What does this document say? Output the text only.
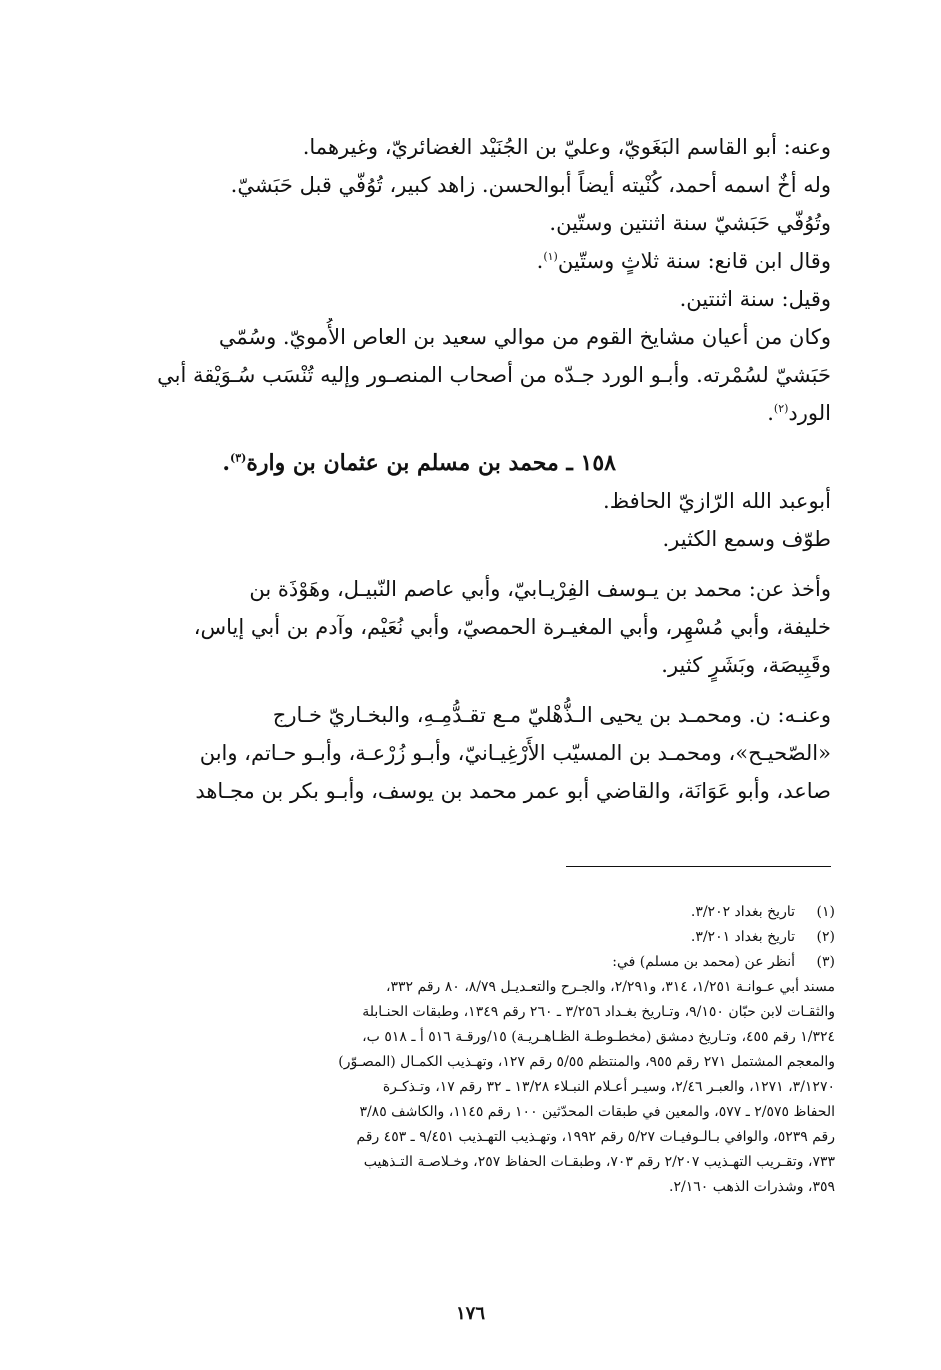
وعنه: أبو القاسم البَغَويّ، وعليّ بن الجُنَيْد الغضائريّ، وغيرهما.
وله أخٌ اسمه أحمد، كُنْيته أيضاً أبوالحسن. زاهد كبير، تُوُفّي قبل حَبَشيّ.
وتُوُفّي حَبَشيّ سنة اثنتين وستّين.
وقال ابن قانع: سنة ثلاثٍ وستّين$^{(١)}$.
وقيل: سنة اثنتين.
وكان من أعيان مشايخ القوم من موالي سعيد بن العاص الأُمويّ. وسُمّي
حَبَشيّ لسُمْرته. وأبـو الورد جـدّه من أصحاب المنصـور وإليه تُنْسَب سُـوَيْقة أبي
الورد$^{(٢)}$.
١٥٨ ـ محمد بن مسلم بن عثمان بن وارة$^{(٣)}$.
أبوعبد الله الرّازيّ الحافظ.
طوّف وسمع الكثير.
وأخذ عن: محمد بن يـوسف الفِرْيـابيّ، وأبي عاصم النّبيـل، وهَوْذَة بن
خليفة، وأبي مُسْهِر، وأبي المغيـرة الحمصيّ، وأبي نُعَيْم، وآدم بن أبي إياس،
وقَبِيصَة، وبَشَرٍ كثير.
وعنـه: ن. ومحمـد بن يحيى الـذُّهْليّ مـع تقـدُّمِـهِ، والبخـاريّ خـارج
«الصّحيـح»، ومحمـد بن المسيّب الأَرْغِيـانيّ، وأبـو زُرْعـة، وأبـو حـاتم، وابن
صاعد، وأبو عَوَانَة، والقاضي أبو عمر محمد بن يوسف، وأبـو بكر بن مجـاهد
(١)
تاريخ بغداد ٣/٢٠٢.
(٢)
تاريخ بغداد ٣/٢٠١.
(٣)
أنظر عن (محمد بن مسلم) في:
مسند أبي عـوانـة ١/٢٥١، ٣١٤، و٢/٢٩١، والجـرح والتعـديـل ٨/٧٩، ٨٠ رقم ٣٣٢،
والثقـات لابن حبّان ٩/١٥٠، وتـاريخ بغـداد ٣/٢٥٦ ـ ٢٦٠ رقم ١٣٤٩، وطبقات الحنـابلة
١/٣٢٤ رقم ٤٥٥، وتـاريخ دمشق (مخطـوطـة الظـاهـريـة) ١٥/ورقـة ٥١٦ أ ـ ٥١٨ ب،
والمعجم المشتمل ٢٧١ رقم ٩٥٥، والمنتظم ٥/٥٥ رقم ١٢٧، وتهـذيب الكمـال (المصـوّر)
٣/١٢٧٠، ١٢٧١، والعبـر ٢/٤٦، وسيـر أعـلام النبـلاء ١٣/٢٨ ـ ٣٢ رقم ١٧، وتـذكـرة
الحفاظ ٢/٥٧٥ ـ ٥٧٧، والمعين في طبقات المحدّثين ١٠٠ رقم ١١٤٥، والكاشف ٣/٨٥
رقم ٥٢٣٩، والوافي بـالـوفيـات ٥/٢٧ رقم ١٩٩٢، وتهـذيب التهـذيب ٩/٤٥١ ـ ٤٥٣ رقم
٧٣٣، وتقـريب التهـذيب ٢/٢٠٧ رقم ٧٠٣، وطبقـات الحفاظ ٢٥٧، وخـلاصـة التـذهيب
٣٥٩، وشذرات الذهب ٢/١٦٠.
١٧٦
